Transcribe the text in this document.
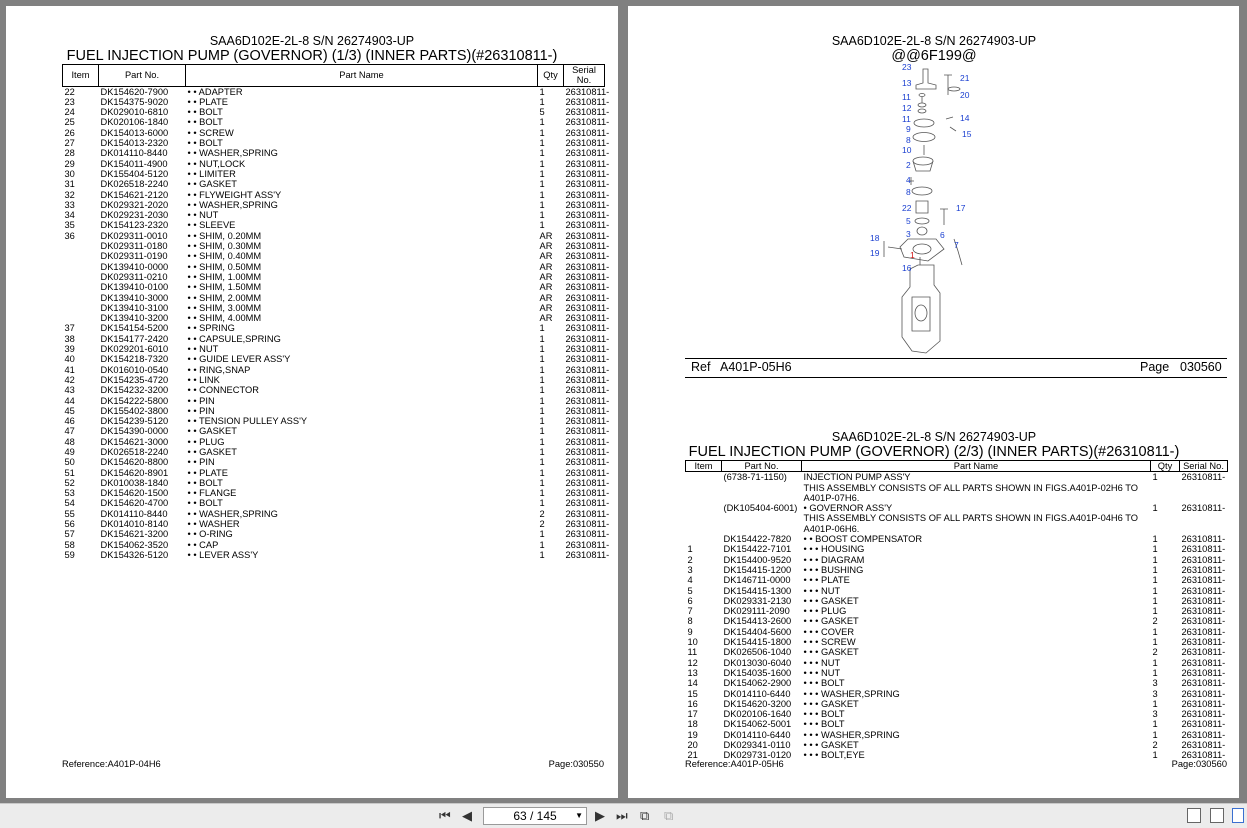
SAA6D102E-2L-8 S/N 26274903-UP
FUEL INJECTION PUMP (GOVERNOR) (1/3) (INNER PARTS)(#26310811-)
Item	Part No.	Part Name	Qty	Serial No.
22	DK154620-7900	• • ADAPTER	1	26310811-
23	DK154375-9020	• • PLATE	1	26310811-
24	DK029010-6810	• • BOLT	5	26310811-
25	DK020106-1840	• • BOLT	1	26310811-
26	DK154013-6000	• • SCREW	1	26310811-
27	DK154013-2320	• • BOLT	1	26310811-
28	DK014110-8440	• • WASHER,SPRING	1	26310811-
29	DK154011-4900	• • NUT,LOCK	1	26310811-
30	DK155404-5120	• • LIMITER	1	26310811-
31	DK026518-2240	• • GASKET	1	26310811-
32	DK154621-2120	• • FLYWEIGHT ASS'Y	1	26310811-
33	DK029321-2020	• • WASHER,SPRING	1	26310811-
34	DK029231-2030	• • NUT	1	26310811-
35	DK154123-2320	• • SLEEVE	1	26310811-
36	DK029311-0010	• • SHIM, 0.20MM	AR	26310811-
	DK029311-0180	• • SHIM, 0.30MM	AR	26310811-
	DK029311-0190	• • SHIM, 0.40MM	AR	26310811-
	DK139410-0000	• • SHIM, 0.50MM	AR	26310811-
	DK029311-0210	• • SHIM, 1.00MM	AR	26310811-
	DK139410-0100	• • SHIM, 1.50MM	AR	26310811-
	DK139410-3000	• • SHIM, 2.00MM	AR	26310811-
	DK139410-3100	• • SHIM, 3.00MM	AR	26310811-
	DK139410-3200	• • SHIM, 4.00MM	AR	26310811-
37	DK154154-5200	• • SPRING	1	26310811-
38	DK154177-2420	• • CAPSULE,SPRING	1	26310811-
39	DK029201-6010	• • NUT	1	26310811-
40	DK154218-7320	• • GUIDE LEVER ASS'Y	1	26310811-
41	DK016010-0540	• • RING,SNAP	1	26310811-
42	DK154235-4720	• • LINK	1	26310811-
43	DK154232-3200	• • CONNECTOR	1	26310811-
44	DK154222-5800	• • PIN	1	26310811-
45	DK155402-3800	• • PIN	1	26310811-
46	DK154239-5120	• • TENSION PULLEY ASS'Y	1	26310811-
47	DK154390-0000	• • GASKET	1	26310811-
48	DK154621-3000	• • PLUG	1	26310811-
49	DK026518-2240	• • GASKET	1	26310811-
50	DK154620-8800	• • PIN	1	26310811-
51	DK154620-8901	• • PLATE	1	26310811-
52	DK010038-1840	• • BOLT	1	26310811-
53	DK154620-1500	• • FLANGE	1	26310811-
54	DK154620-4700	• • BOLT	1	26310811-
55	DK014110-8440	• • WASHER,SPRING	2	26310811-
56	DK014010-8140	• • WASHER	2	26310811-
57	DK154621-3200	• • O-RING	1	26310811-
58	DK154062-3520	• • CAP	1	26310811-
59	DK154326-5120	• • LEVER ASS'Y	1	26310811-
Reference:A401P-04H6	Page:030550
SAA6D102E-2L-8 S/N 26274903-UP
@@6F199@
23
21
13
20
11
12
11	14
9	15
8
10
2
4
8
17
22
5
3	6
18
7
1
19
16
Ref A401P-05H6	Page 030560
SAA6D102E-2L-8 S/N 26274903-UP
FUEL INJECTION PUMP (GOVERNOR) (2/3) (INNER PARTS)(#26310811-)
Item	Part No.	Part Name	Qty	Serial No.
	(6738-71-1150)	INJECTION PUMP ASS'Y	1	26310811-
		THIS ASSEMBLY CONSISTS OF ALL PARTS SHOWN IN FIGS.A401P-02H6 TO A401P-07H6.		
	(DK105404-6001)	• GOVERNOR ASS'Y	1	26310811-
		THIS ASSEMBLY CONSISTS OF ALL PARTS SHOWN IN FIGS.A401P-04H6 TO A401P-06H6.		
	DK154422-7820	• • BOOST COMPENSATOR	1	26310811-
1	DK154422-7101	• • • HOUSING	1	26310811-
2	DK154400-9520	• • • DIAGRAM	1	26310811-
3	DK154415-1200	• • • BUSHING	1	26310811-
4	DK146711-0000	• • • PLATE	1	26310811-
5	DK154415-1300	• • • NUT	1	26310811-
6	DK029331-2130	• • • GASKET	1	26310811-
7	DK029111-2090	• • • PLUG	1	26310811-
8	DK154413-2600	• • • GASKET	2	26310811-
9	DK154404-5600	• • • COVER	1	26310811-
10	DK154415-1800	• • • SCREW	1	26310811-
11	DK026506-1040	• • • GASKET	2	26310811-
12	DK013030-6040	• • • NUT	1	26310811-
13	DK154035-1600	• • • NUT	1	26310811-
14	DK154062-2900	• • • BOLT	3	26310811-
15	DK014110-6440	• • • WASHER,SPRING	3	26310811-
16	DK154620-3200	• • • GASKET	1	26310811-
17	DK020106-1640	• • • BOLT	3	26310811-
18	DK154062-5001	• • • BOLT	1	26310811-
19	DK014110-6440	• • • WASHER,SPRING	1	26310811-
20	DK029341-0110	• • • GASKET	2	26310811-
21	DK029731-0120	• • • BOLT,EYE	1	26310811-
Reference:A401P-05H6	Page:030560
⏮ ◀	63 / 145 ▼ ▶ ⏭ ⧉ ⧉
